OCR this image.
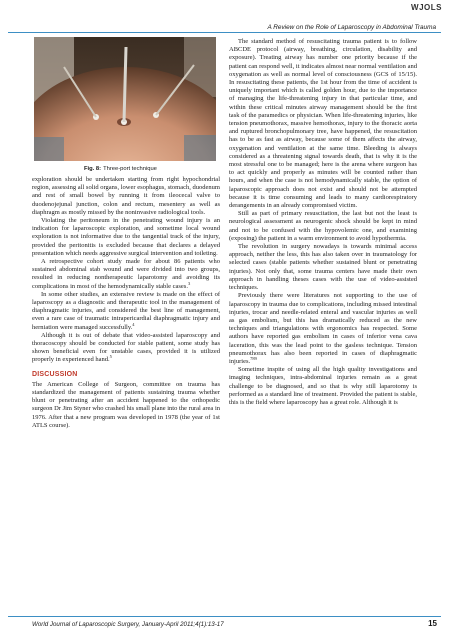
WJOLS
A Review on the Role of Laparoscopy in Abdominal Trauma
Fig. 8: Three-port technique

exploration should be undertaken starting from right hypochondrial region, assessing all solid organs, lower esophagus, stomach, duodenum and rest of small bowel by running it from ileocecal valve to duodenojejunal junction, colon and rectum, mesentery as well as diaphragm as mostly missed by the noninvasive radiological tools.

Violating the peritoneum in the penetrating wound injury is an indication for laparoscopic exploration, and sometime local wound exploration is not informative due to the tangential track of the injury, provided the peritonitis is excluded because that declares a delayed presentation which needs aggressive surgical intervention and toileting.

A retrospective cohort study made for about 86 patients who sustained abdominal stab wound and were divided into two groups, resulted in reducing nontherapeutic laparotomy and avoiding its complications in most of the hemodynamically stable cases.$^3$

In some other studies, an extensive review is made on the effect of laparoscopy as a diagnostic and therapeutic tool in the management of diaphragmatic injuries, and considered the best line of management, even a rare case of traumatic intrapericardial diaphragmatic injury and herniation were managed successfully.$^4$

Although it is out of debate that video-assisted laparoscopy and thoracoscopy should be conducted for stable patient, some study has shown beneficial even for unstable cases, provided it is utilized properly in experienced hand.$^5$

DISCUSSION

The American College of Surgeon, committee on trauma has standardized the management of patients sustaining trauma whether blunt or penetrating after an accident happened to the orthopedic surgeon Dr Jim Styner who crashed his small plane into the rural area in 1976. After that a new program was developed in 1978 (the year of 1st ATLS course).

The standard method of resuscitating trauma patient is to follow ABCDE protocol (airway, breathing, circulation, disability and exposure). Treating airway has number one priority because if the patient can respond well, it indicates almost near normal ventilation and oxygenation as well as normal level of consciousness (GCS of 15/15). In resuscitating these patients, the 1st hour from the time of accident is uniquely important which is called golden hour, due to the importance of managing the life-threatening injury in that particular time, and within these critical minutes airway management should be the first task of the paramedics or physician. When life-threatening injuries, like tension pneumothorax, massive hemothorax, injury to the thoracic aorta and ruptured bronchopulmonary tree, have happened, the resuscitation has to be as fast as airway, because some of them affects the airway, oxygenation and ventilation at the same time. Bleeding is always considered as a threatening signal towards death, that is why it is the most stressful one to be managed; here is the arena where surgeon has to act quickly and properly as minutes will be counted rather than hours, and when the case is not hemodynamically stable, the option of laparoscopic approach does not exist and should not be attempted because it is time consuming and leads to many cardiorespiratory derangements in an already compromised victim.

Still as part of primary resuscitation, the last but not the least is neurological assessment as neurogenic shock should be kept in mind and not to be confused with the hypovolemic one, and examining (exposing) the patient in a warm environment to avoid hypothermia.

The revolution in surgery nowadays is towards minimal access approach, neither the less, this has also taken over in traumatology for selected cases (stable patients whether sustained blunt or penetrating injuries). Not only that, some trauma centers have made their own approach in handling theses cases with the use of video-assisted techniques.

Previously there were literatures not supporting to the use of laparoscopy in trauma due to complications, including missed intestinal injuries, trocar and needle-related enteral and vascular injuries as well as gas embolism, but this has dramatically reduced as the new techniques and triangulations with ergonomics has respected. Some authors have reported gas embolism in cases of inferior vena cava laceration, this was the lead point to the gasless technique. Tension pneumothorax has also been reported in cases of diaphragmatic injuries.$^{789}$

Sometime inspite of using all the high quality investigations and imaging techniques, intra-abdominal injuries remain as a great challenge to be diagnosed, and so that is why still laparotomy is performed as a standard line of treatment. Provided the patient is stable, this is the field where laparoscopy has a great role. Although it is

World Journal of Laparoscopic Surgery, January-April 2011;4(1):13-17	15
